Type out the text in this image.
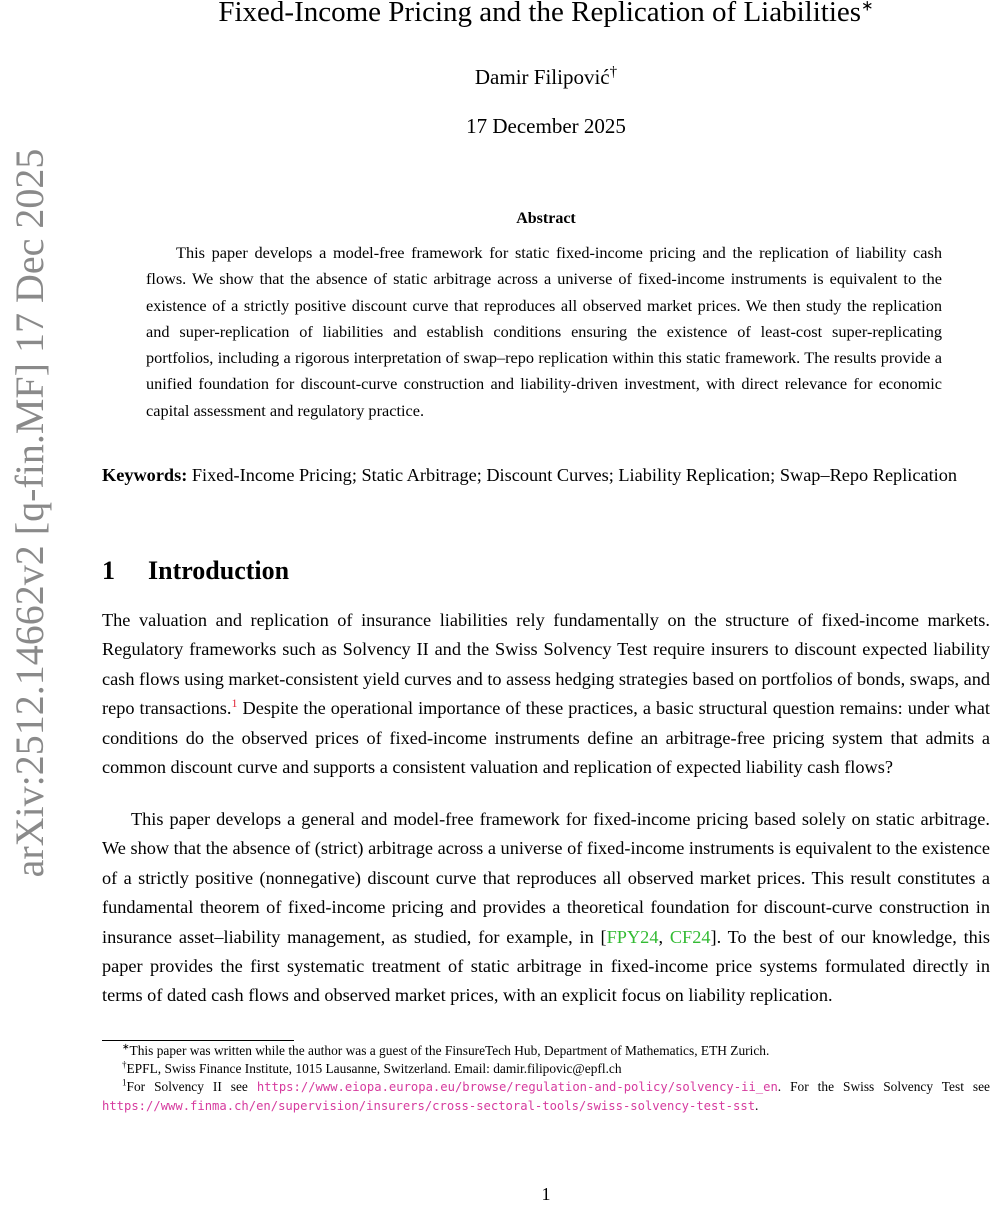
arXiv:2512.14662v2 [q-fin.MF] 17 Dec 2025
Fixed-Income Pricing and the Replication of Liabilities∗
Damir Filipović†
17 December 2025
Abstract

This paper develops a model-free framework for static fixed-income pricing and the replication of liability cash flows. We show that the absence of static arbitrage across a universe of fixed-income instruments is equivalent to the existence of a strictly positive discount curve that reproduces all observed market prices. We then study the replication and super-replication of liabilities and establish conditions ensuring the existence of least-cost super-replicating portfolios, including a rigorous interpretation of swap–repo replication within this static framework. The results provide a unified foundation for discount-curve construction and liability-driven investment, with direct relevance for economic capital assessment and regulatory practice.

Keywords: Fixed-Income Pricing; Static Arbitrage; Discount Curves; Liability Replication; Swap–Repo Replication

1 Introduction

The valuation and replication of insurance liabilities rely fundamentally on the structure of fixed-income markets. Regulatory frameworks such as Solvency II and the Swiss Solvency Test require insurers to discount expected liability cash flows using market-consistent yield curves and to assess hedging strategies based on portfolios of bonds, swaps, and repo transactions.$^1$ Despite the operational importance of these practices, a basic structural question remains: under what conditions do the observed prices of fixed-income instruments define an arbitrage-free pricing system that admits a common discount curve and supports a consistent valuation and replication of expected liability cash flows?

This paper develops a general and model-free framework for fixed-income pricing based solely on static arbitrage. We show that the absence of (strict) arbitrage across a universe of fixed-income instruments is equivalent to the existence of a strictly positive (nonnegative) discount curve that reproduces all observed market prices. This result constitutes a fundamental theorem of fixed-income pricing and provides a theoretical foundation for discount-curve construction in insurance asset–liability management, as studied, for example, in [FPY24, CF24]. To the best of our knowledge, this paper provides the first systematic treatment of static arbitrage in fixed-income price systems formulated directly in terms of dated cash flows and observed market prices, with an explicit focus on liability replication.

∗This paper was written while the author was a guest of the FinsureTech Hub, Department of Mathematics, ETH Zurich.

†EPFL, Swiss Finance Institute, 1015 Lausanne, Switzerland. Email: damir.filipovic@epfl.ch

$^1$For Solvency II see https://www.eiopa.europa.eu/browse/regulation-and-policy/solvency-ii_en. For the Swiss Solvency Test see https://www.finma.ch/en/supervision/insurers/cross-sectoral-tools/swiss-solvency-test-sst.

1
